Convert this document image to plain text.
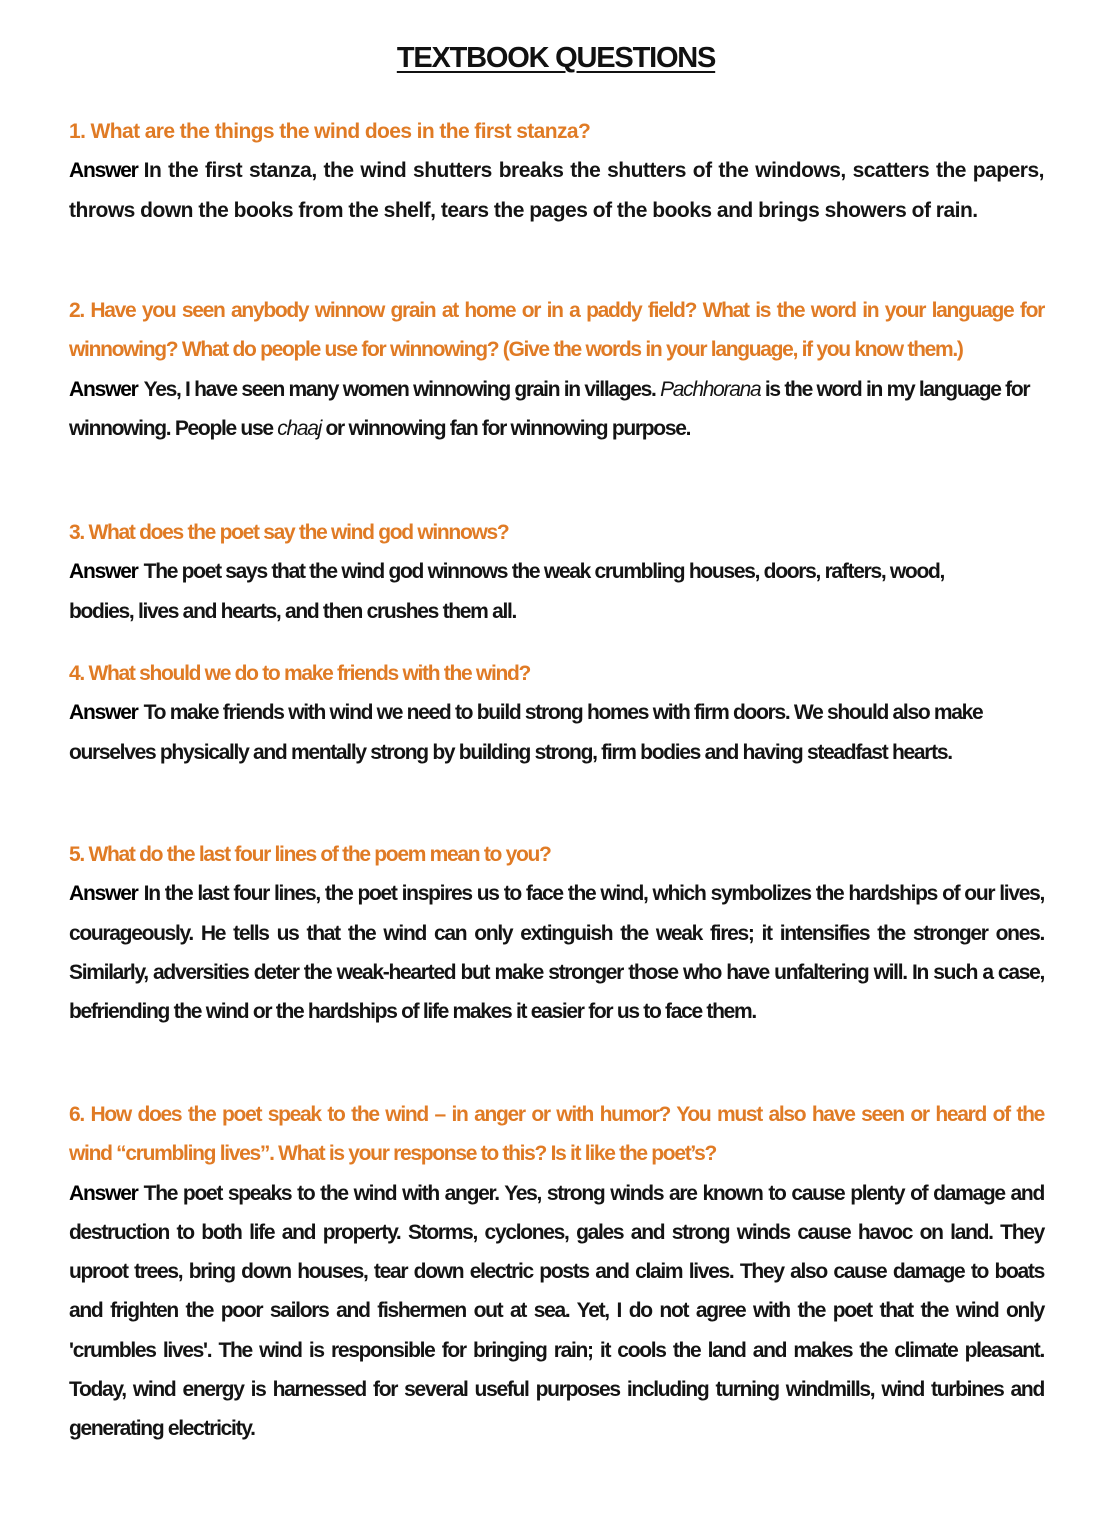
TEXTBOOK QUESTIONS

1. What are the things the wind does in the first stanza?

Answer In the first stanza, the wind shutters breaks the shutters of the windows, scatters the papers, throws down the books from the shelf, tears the pages of the books and brings showers of rain.

2. Have you seen anybody winnow grain at home or in a paddy field? What is the word in your language for winnowing? What do people use for winnowing? (Give the words in your language, if you know them.)

Answer Yes, I have seen many women winnowing grain in villages. Pachhorana is the word in my language for winnowing. People use chaaj or winnowing fan for winnowing purpose.

3. What does the poet say the wind god winnows?

Answer The poet says that the wind god winnows the weak crumbling houses, doors, rafters, wood, bodies, lives and hearts, and then crushes them all.

4. What should we do to make friends with the wind?

Answer To make friends with wind we need to build strong homes with firm doors. We should also make ourselves physically and mentally strong by building strong, firm bodies and having steadfast hearts.

5. What do the last four lines of the poem mean to you?

Answer In the last four lines, the poet inspires us to face the wind, which symbolizes the hardships of our lives, courageously. He tells us that the wind can only extinguish the weak fires; it intensifies the stronger ones. Similarly, adversities deter the weak-hearted but make stronger those who have unfaltering will. In such a case, befriending the wind or the hardships of life makes it easier for us to face them.

6. How does the poet speak to the wind – in anger or with humor? You must also have seen or heard of the wind “crumbling lives”. What is your response to this? Is it like the poet’s?

Answer The poet speaks to the wind with anger. Yes, strong winds are known to cause plenty of damage and destruction to both life and property. Storms, cyclones, gales and strong winds cause havoc on land. They uproot trees, bring down houses, tear down electric posts and claim lives. They also cause damage to boats and frighten the poor sailors and fishermen out at sea. Yet, I do not agree with the poet that the wind only 'crumbles lives'. The wind is responsible for bringing rain; it cools the land and makes the climate pleasant. Today, wind energy is harnessed for several useful purposes including turning windmills, wind turbines and generating electricity.
